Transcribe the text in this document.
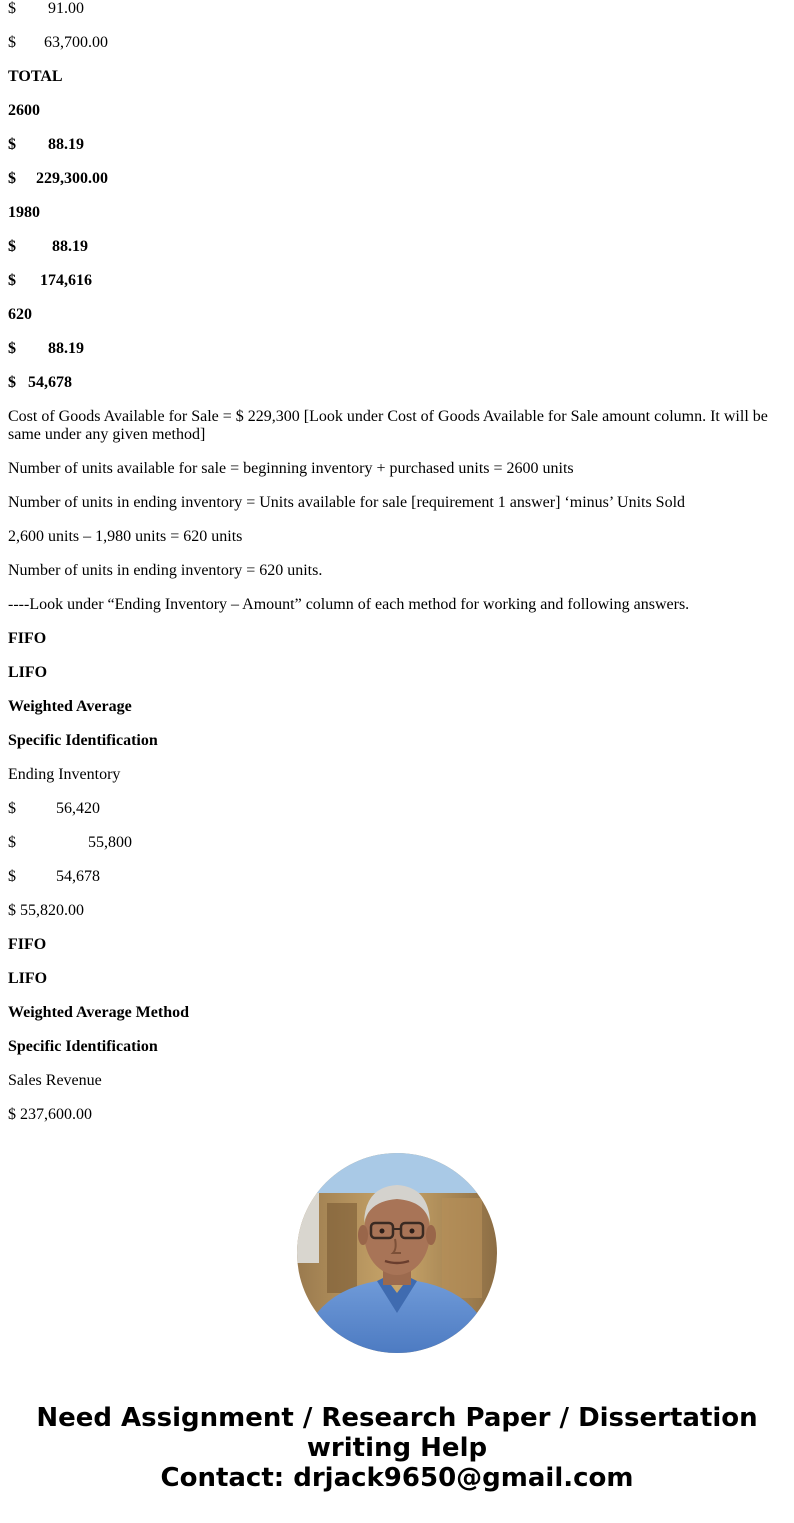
$        91.00

$       63,700.00

TOTAL

2600

$        88.19

$     229,300.00

1980

$         88.19

$      174,616

620

$        88.19

$   54,678

Cost of Goods Available for Sale = $ 229,300 [Look under Cost of Goods Available for Sale amount column. It will be same under any given method]

Number of units available for sale = beginning inventory + purchased units = 2600 units

Number of units in ending inventory = Units available for sale [requirement 1 answer] ‘minus’ Units Sold

2,600 units – 1,980 units = 620 units

Number of units in ending inventory = 620 units.

----Look under “Ending Inventory – Amount” column of each method for working and following answers.

FIFO

LIFO

Weighted Average

Specific Identification

Ending Inventory

$          56,420

$                  55,800

$          54,678

$ 55,820.00

FIFO

LIFO

Weighted Average Method

Specific Identification

Sales Revenue

$ 237,600.00

Need Assignment / Research Paper / Dissertation
writing Help
Contact: drjack9650@gmail.com
